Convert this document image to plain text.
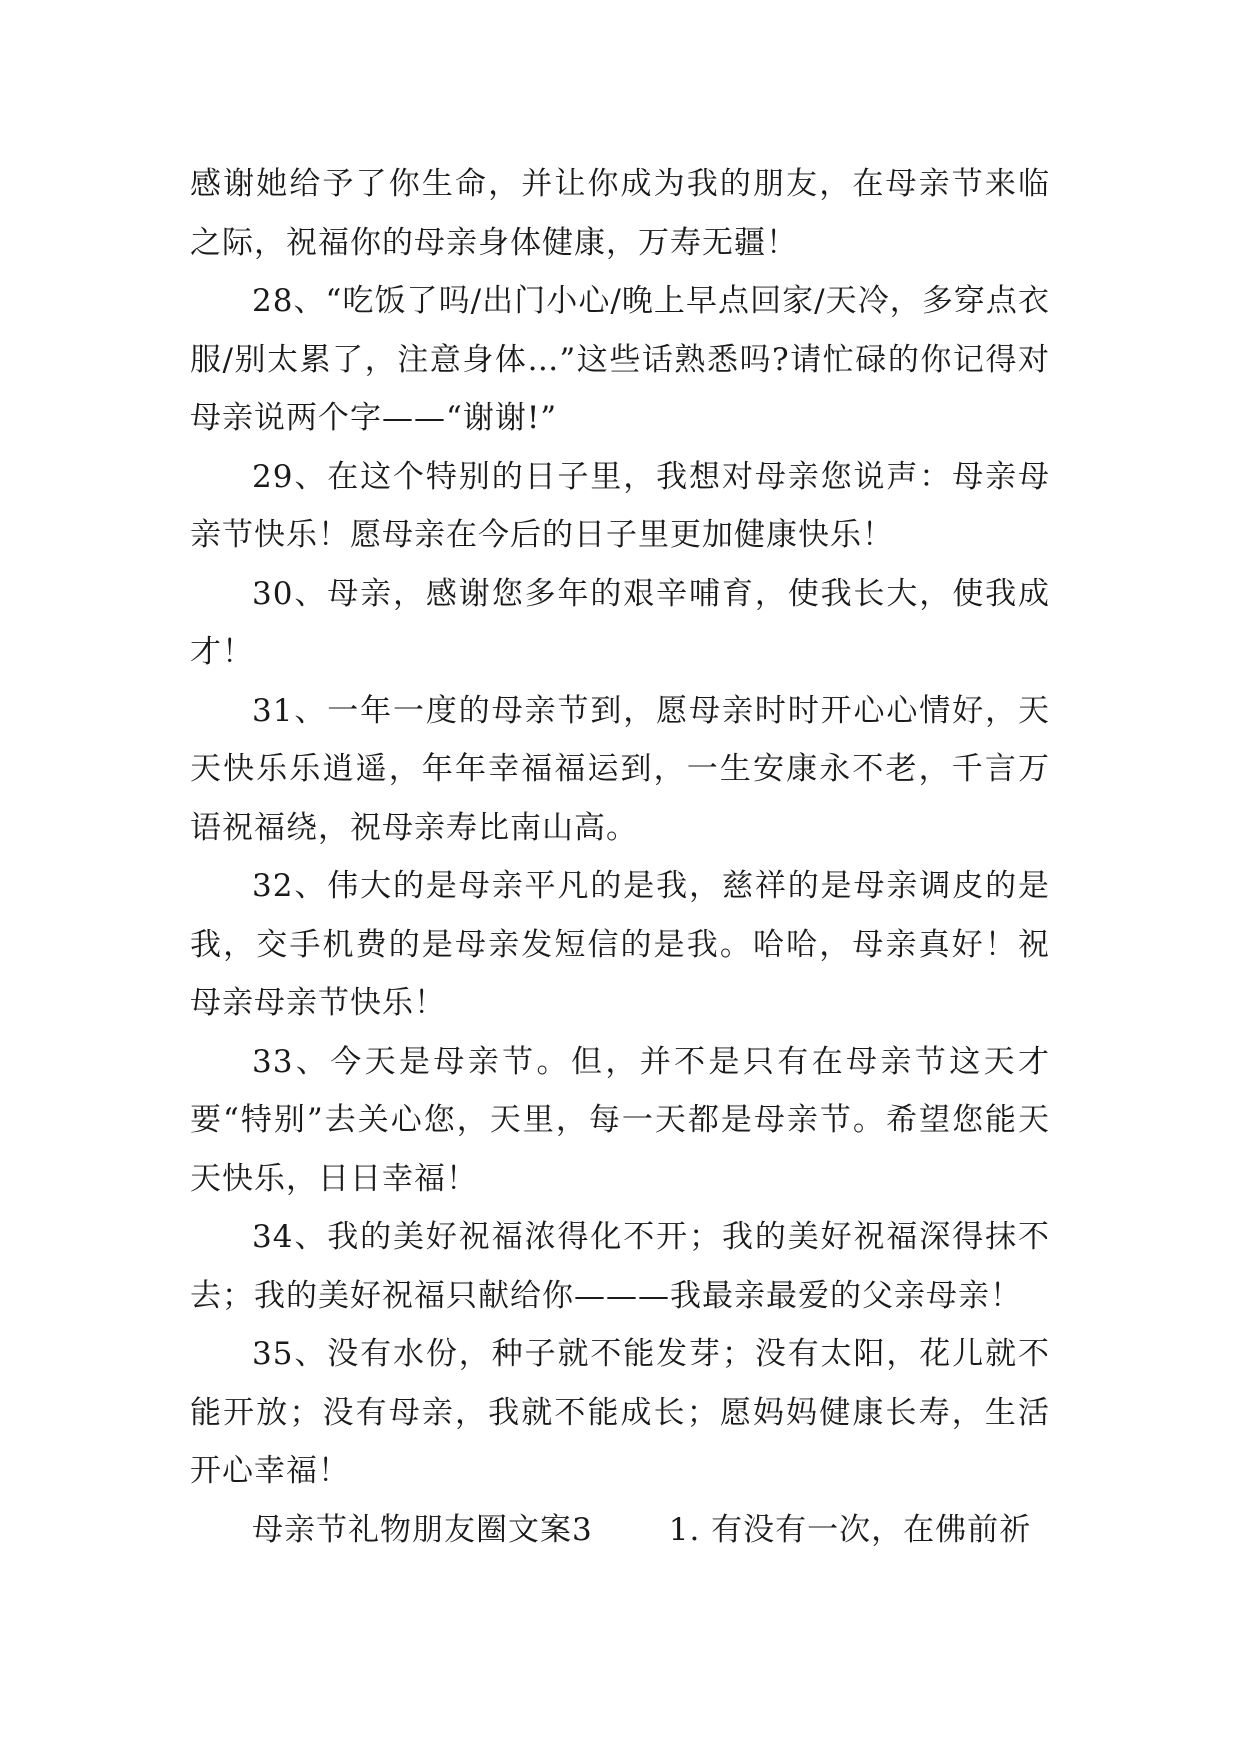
感谢她给予了你生命，并让你成为我的朋友，在母亲节来临之际，祝福你的母亲身体健康，万寿无疆！

28、“吃饭了吗/出门小心/晚上早点回家/天冷，多穿点衣服/别太累了，注意身体…”这些话熟悉吗?请忙碌的你记得对母亲说两个字——“谢谢!”

29、在这个特别的日子里，我想对母亲您说声：母亲母亲节快乐！愿母亲在今后的日子里更加健康快乐！

30、母亲，感谢您多年的艰辛哺育，使我长大，使我成才！

31、一年一度的母亲节到，愿母亲时时开心心情好，天天快乐乐逍遥，年年幸福福运到，一生安康永不老，千言万语祝福绕，祝母亲寿比南山高。

32、伟大的是母亲平凡的是我，慈祥的是母亲调皮的是我，交手机费的是母亲发短信的是我。哈哈，母亲真好！祝母亲母亲节快乐！

33、今天是母亲节。但，并不是只有在母亲节这天才要“特别”去关心您，天里，每一天都是母亲节。希望您能天天快乐，日日幸福！

34、我的美好祝福浓得化不开；我的美好祝福深得抹不去；我的美好祝福只献给你———我最亲最爱的父亲母亲！

35、没有水份，种子就不能发芽；没有太阳，花儿就不能开放；没有母亲，我就不能成长；愿妈妈健康长寿，生活开心幸福！

母亲节礼物朋友圈文案3 1. 有没有一次，在佛前祈
